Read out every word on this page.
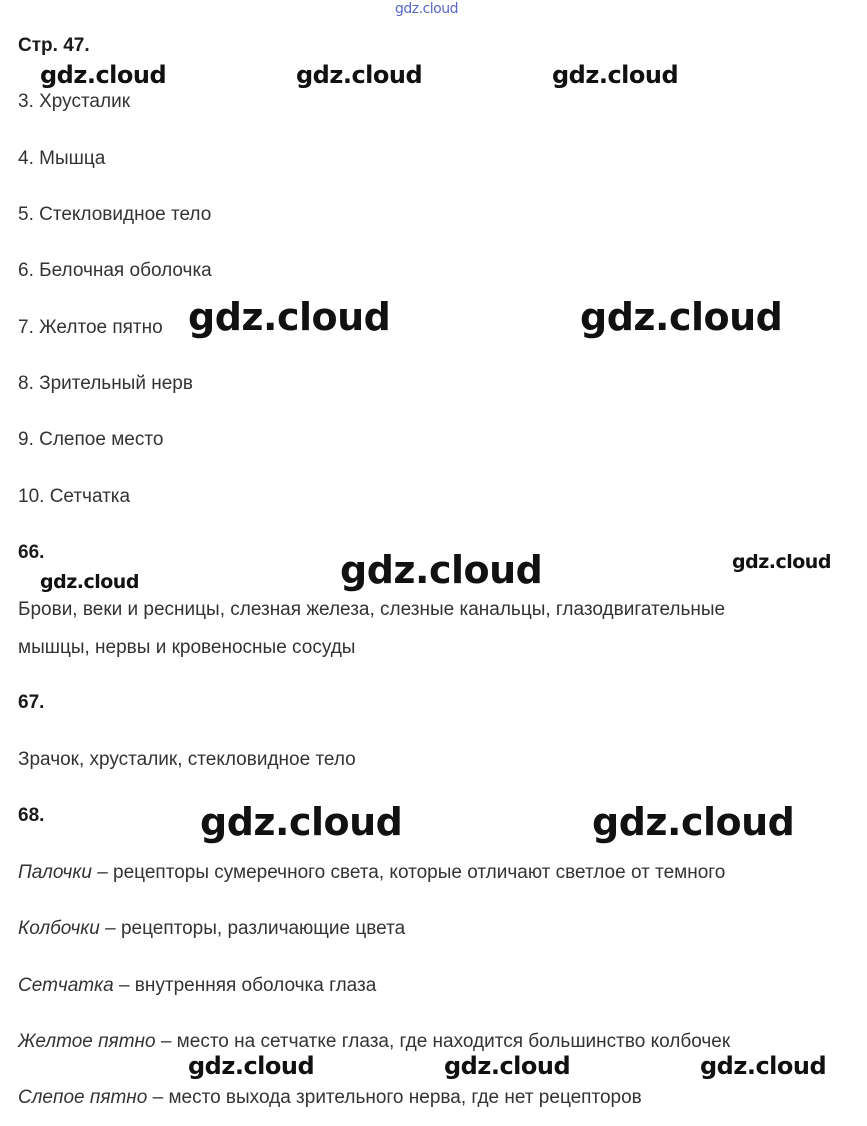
gdz.cloud
Стр. 47.
3. Хрусталик
4. Мышца
5. Стекловидное тело
6. Белочная оболочка
7. Желтое пятно
8. Зрительный нерв
9. Слепое место
10. Сетчатка
66.
Брови, веки и ресницы, слезная железа, слезные канальцы, глазодвигательные
мышцы, нервы и кровеносные сосуды
67.
Зрачок, хрусталик, стекловидное тело
68.
Палочки – рецепторы сумеречного света, которые отличают светлое от темного
Колбочки – рецепторы, различающие цвета
Сетчатка – внутренняя оболочка глаза
Желтое пятно – место на сетчатке глаза, где находится большинство колбочек
Слепое пятно – место выхода зрительного нерва, где нет рецепторов
gdz.cloud	gdz.cloud	gdz.cloud
gdz.cloud	gdz.cloud
gdz.cloud	gdz.cloud	gdz.cloud
gdz.cloud	gdz.cloud
gdz.cloud	gdz.cloud	gdz.cloud
